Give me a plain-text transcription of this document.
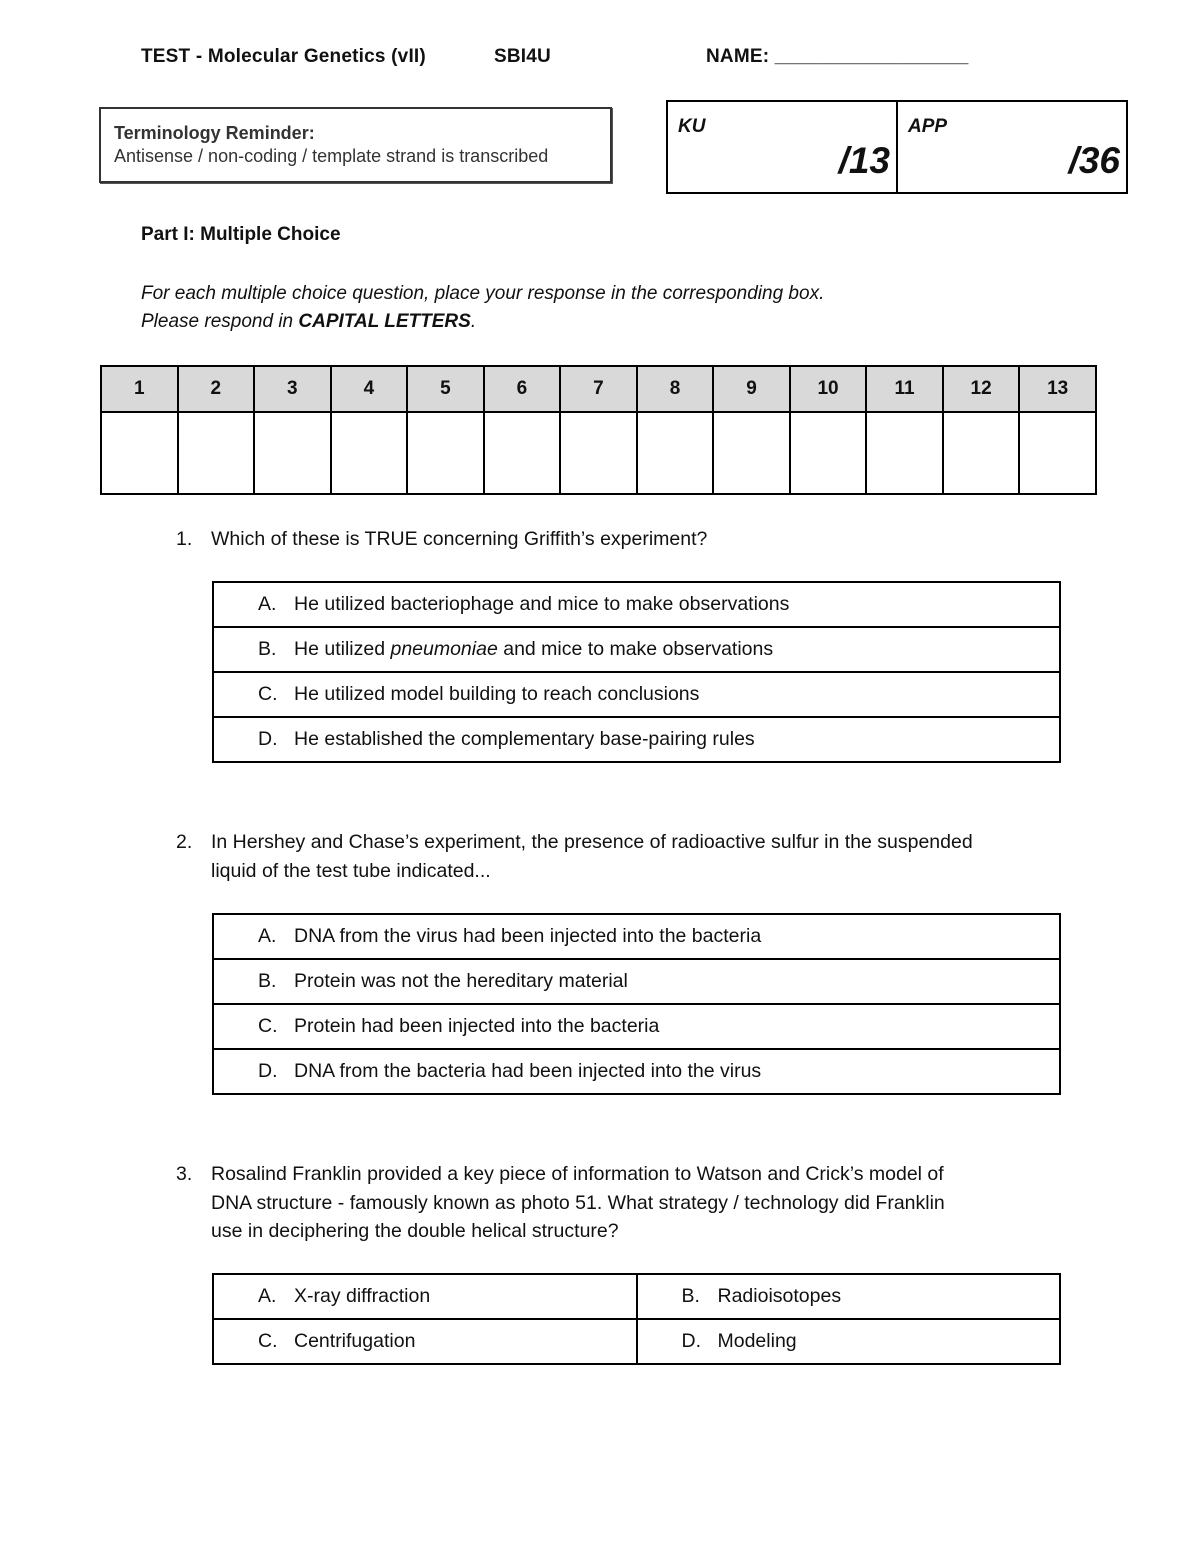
TEST - Molecular Genetics (vII)	SBI4U	NAME: __________________
Terminology Reminder:
Antisense / non-coding / template strand is transcribed
KU
/13
APP
/36
Part I: Multiple Choice
For each multiple choice question, place your response in the corresponding box.
Please respond in CAPITAL LETTERS.
1	2	3	4	5	6	7	8	9	10	11	12	13

1. Which of these is TRUE concerning Griffith’s experiment?
A. He utilized bacteriophage and mice to make observations
B. He utilized pneumoniae and mice to make observations
C. He utilized model building to reach conclusions
D. He established the complementary base-pairing rules
2. In Hershey and Chase’s experiment, the presence of radioactive sulfur in the suspended
liquid of the test tube indicated...
A. DNA from the virus had been injected into the bacteria
B. Protein was not the hereditary material
C. Protein had been injected into the bacteria
D. DNA from the bacteria had been injected into the virus
3. Rosalind Franklin provided a key piece of information to Watson and Crick’s model of
DNA structure - famously known as photo 51. What strategy / technology did Franklin
use in deciphering the double helical structure?
A. X-ray diffraction	B. Radioisotopes
C. Centrifugation	D. Modeling
